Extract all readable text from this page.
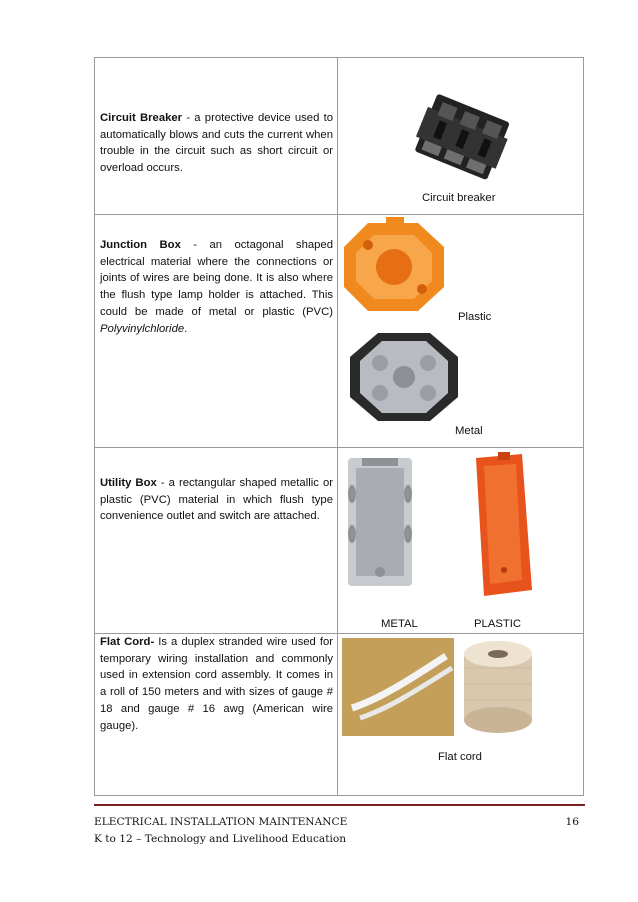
Circuit Breaker - a protective device used to automatically blows and cuts the current when trouble in the circuit such as short circuit or overload occurs.	Circuit breaker

Junction Box - an octagonal shaped electrical material where the connections or joints of wires are being done. It is also where the flush type lamp holder is attached. This could be made of metal or plastic (PVC) Polyvinylchloride.	Plastic
Metal

Utility Box - a rectangular shaped metallic or plastic (PVC) material in which flush type convenience outlet and switch are attached.	METAL PLASTIC

Flat Cord- Is a duplex stranded wire used for temporary wiring installation and commonly used in extension cord assembly. It comes in a roll of 150 meters and with sizes of gauge # 18 and gauge # 16 awg (American wire gauge).	Flat cord
ELECTRICAL INSTALLATION MAINTENANCE
K to 12 – Technology and Livelihood Education
16
